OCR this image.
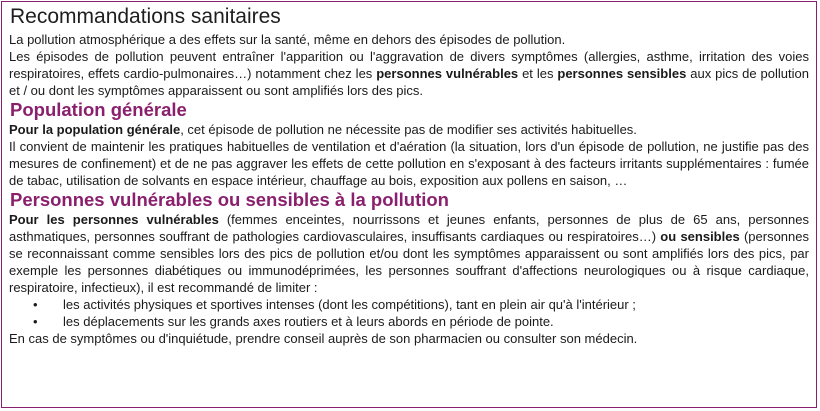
Recommandations sanitaires

La pollution atmosphérique a des effets sur la santé, même en dehors des épisodes de pollution.

Les épisodes de pollution peuvent entraîner l'apparition ou l'aggravation de divers symptômes (allergies, asthme, irritation des voies respiratoires, effets cardio-pulmonaires…) notamment chez les personnes vulnérables et les personnes sensibles aux pics de pollution et / ou dont les symptômes apparaissent ou sont amplifiés lors des pics.

Population générale

Pour la population générale, cet épisode de pollution ne nécessite pas de modifier ses activités habituelles.

Il convient de maintenir les pratiques habituelles de ventilation et d'aération (la situation, lors d'un épisode de pollution, ne justifie pas des mesures de confinement) et de ne pas aggraver les effets de cette pollution en s'exposant à des facteurs irritants supplémentaires : fumée de tabac, utilisation de solvants en espace intérieur, chauffage au bois, exposition aux pollens en saison, …

Personnes vulnérables ou sensibles à la pollution

Pour les personnes vulnérables (femmes enceintes, nourrissons et jeunes enfants, personnes de plus de 65 ans, personnes asthmatiques, personnes souffrant de pathologies cardiovasculaires, insuffisants cardiaques ou respiratoires…) ou sensibles (personnes se reconnaissant comme sensibles lors des pics de pollution et/ou dont les symptômes apparaissent ou sont amplifiés lors des pics, par exemple les personnes diabétiques ou immunodéprimées, les personnes souffrant d'affections neurologiques ou à risque cardiaque, respiratoire, infectieux), il est recommandé de limiter :

• les activités physiques et sportives intenses (dont les compétitions), tant en plein air qu'à l'intérieur ;
• les déplacements sur les grands axes routiers et à leurs abords en période de pointe.

En cas de symptômes ou d'inquiétude, prendre conseil auprès de son pharmacien ou consulter son médecin.
